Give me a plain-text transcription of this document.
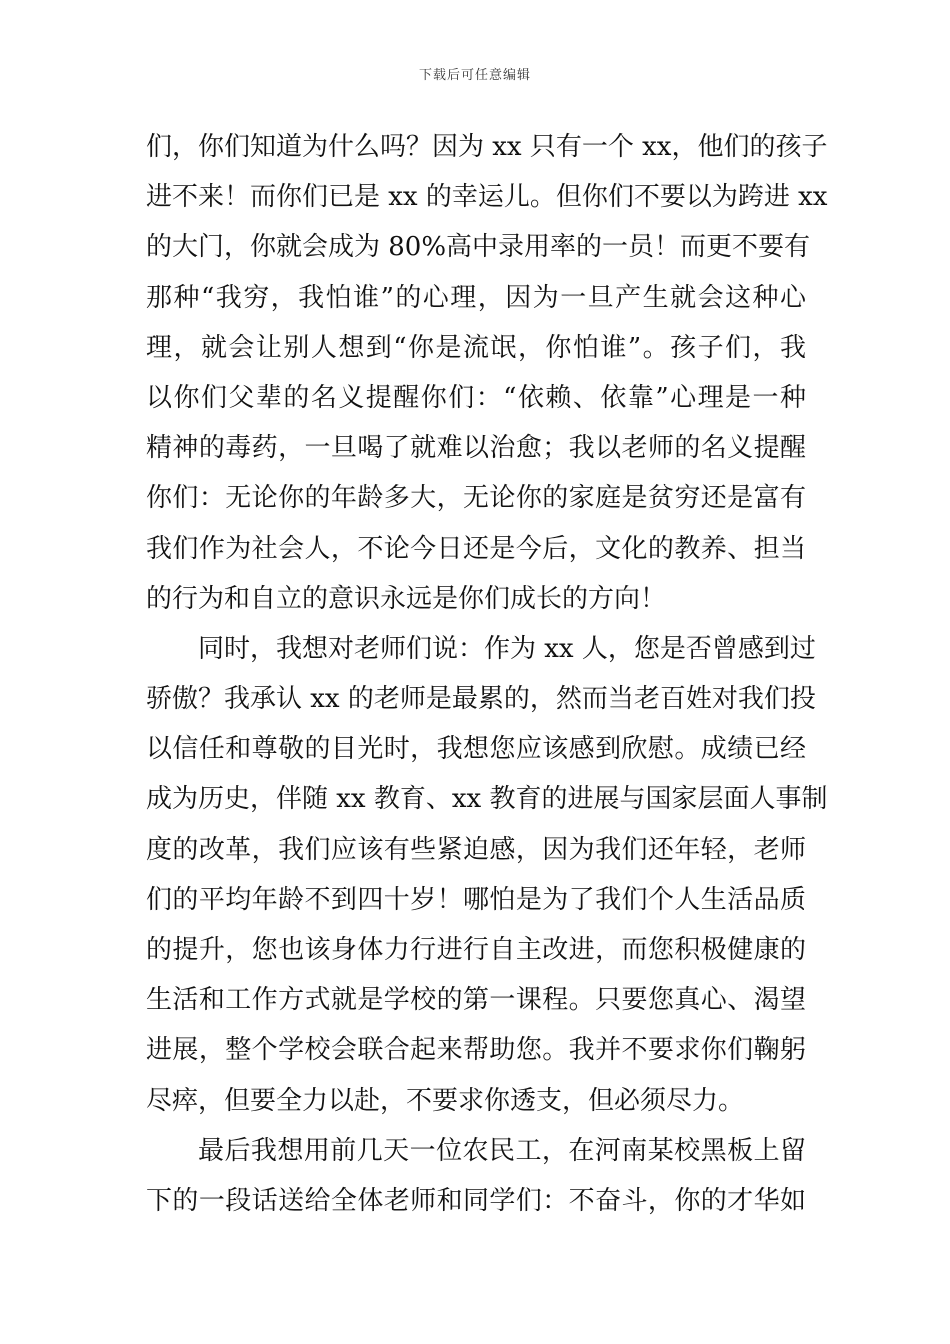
下载后可任意编辑
们，你们知道为什么吗？因为 xx 只有一个 xx，他们的孩子
进不来！而你们已是 xx 的幸运儿。但你们不要以为跨进 xx
的大门，你就会成为 80%高中录用率的一员！而更不要有
那种“我穷，我怕谁”的心理，因为一旦产生就会这种心
理，就会让别人想到“你是流氓，你怕谁”。孩子们，我
以你们父辈的名义提醒你们：“依赖、依靠”心理是一种
精神的毒药，一旦喝了就难以治愈；我以老师的名义提醒
你们：无论你的年龄多大，无论你的家庭是贫穷还是富有
我们作为社会人，不论今日还是今后，文化的教养、担当
的行为和自立的意识永远是你们成长的方向！
同时，我想对老师们说：作为 xx 人，您是否曾感到过
骄傲？我承认 xx 的老师是最累的，然而当老百姓对我们投
以信任和尊敬的目光时，我想您应该感到欣慰。成绩已经
成为历史，伴随 xx 教育、xx 教育的进展与国家层面人事制
度的改革，我们应该有些紧迫感，因为我们还年轻，老师
们的平均年龄不到四十岁！哪怕是为了我们个人生活品质
的提升，您也该身体力行进行自主改进，而您积极健康的
生活和工作方式就是学校的第一课程。只要您真心、渴望
进展，整个学校会联合起来帮助您。我并不要求你们鞠躬
尽瘁，但要全力以赴，不要求你透支，但必须尽力。
最后我想用前几天一位农民工，在河南某校黑板上留
下的一段话送给全体老师和同学们：不奋斗，你的才华如
